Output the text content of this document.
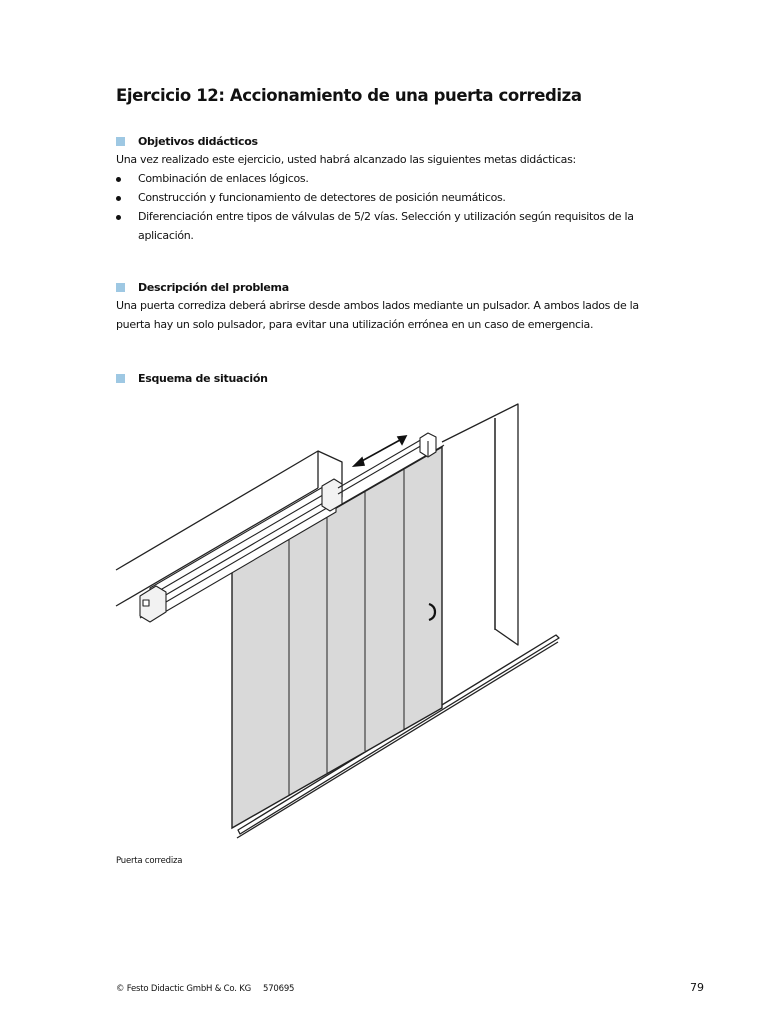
Ejercicio 12: Accionamiento de una puerta corrediza
Objetivos didácticos

Una vez realizado este ejercicio, usted habrá alcanzado las siguientes metas didácticas:

Combinación de enlaces lógicos.
Construcción y funcionamiento de detectores de posición neumáticos.
Diferenciación entre tipos de válvulas de 5/2 vías. Selección y utilización según requisitos de la aplicación.
Descripción del problema

Una puerta corrediza deberá abrirse desde ambos lados mediante un pulsador. A ambos lados de la puerta hay un solo pulsador, para evitar una utilización errónea en un caso de emergencia.

Esquema de situación
Puerta corrediza
© Festo Didactic GmbH & Co. KG 570695	79
